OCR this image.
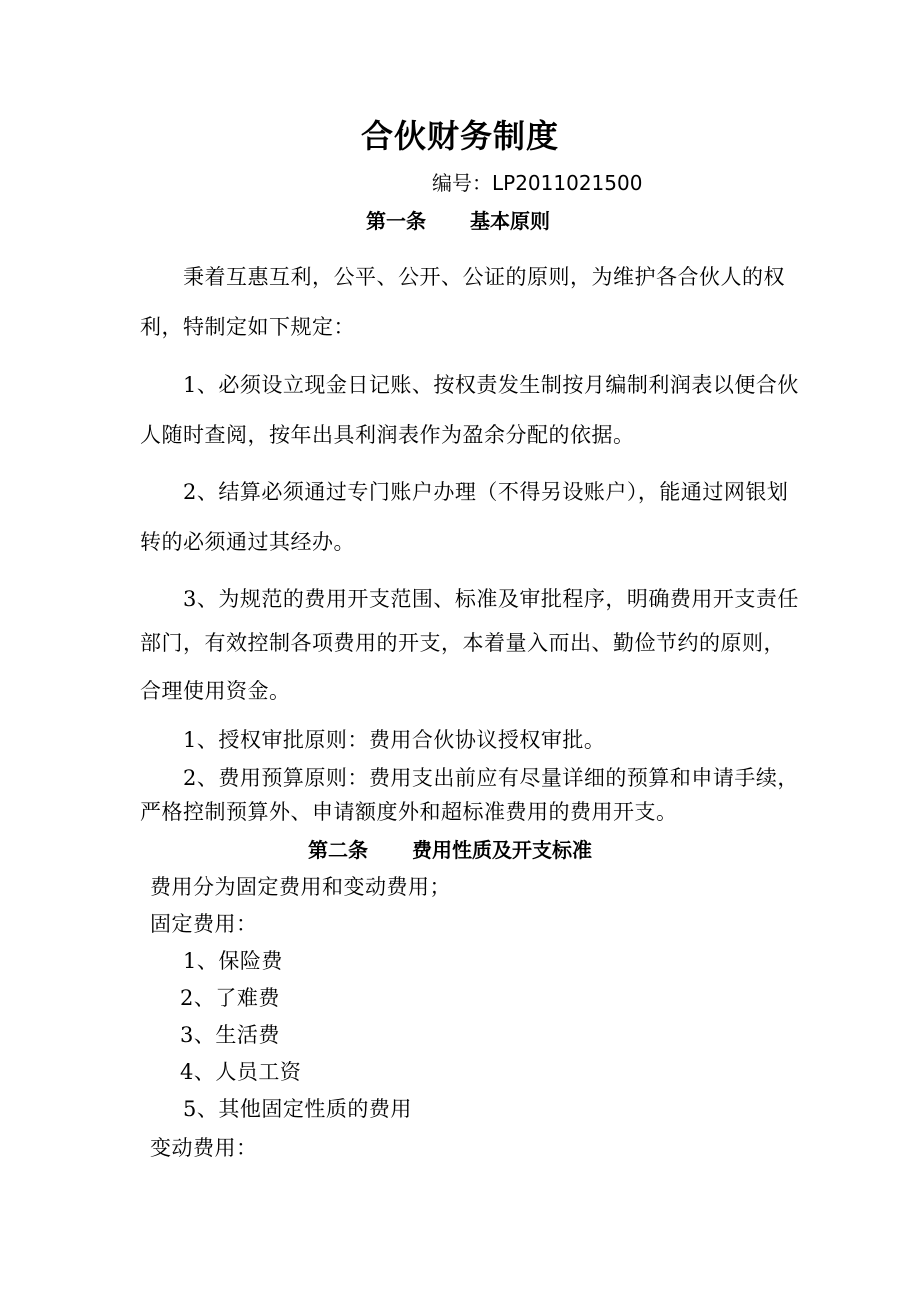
合伙财务制度
编号：LP2011021500
第一条 基本原则
秉着互惠互利，公平、公开、公证的原则，为维护各合伙人的权
利，特制定如下规定：
1、必须设立现金日记账、按权责发生制按月编制利润表以便合伙
人随时查阅，按年出具利润表作为盈余分配的依据。
2、结算必须通过专门账户办理（不得另设账户），能通过网银划
转的必须通过其经办。
3、为规范的费用开支范围、标准及审批程序，明确费用开支责任
部门，有效控制各项费用的开支，本着量入而出、勤俭节约的原则，
合理使用资金。
1、授权审批原则：费用合伙协议授权审批。
2、费用预算原则：费用支出前应有尽量详细的预算和申请手续，
严格控制预算外、申请额度外和超标准费用的费用开支。
第二条 费用性质及开支标准
费用分为固定费用和变动费用；
固定费用：
1、保险费
2、了难费
3、生活费
4、人员工资
5、其他固定性质的费用
变动费用：
